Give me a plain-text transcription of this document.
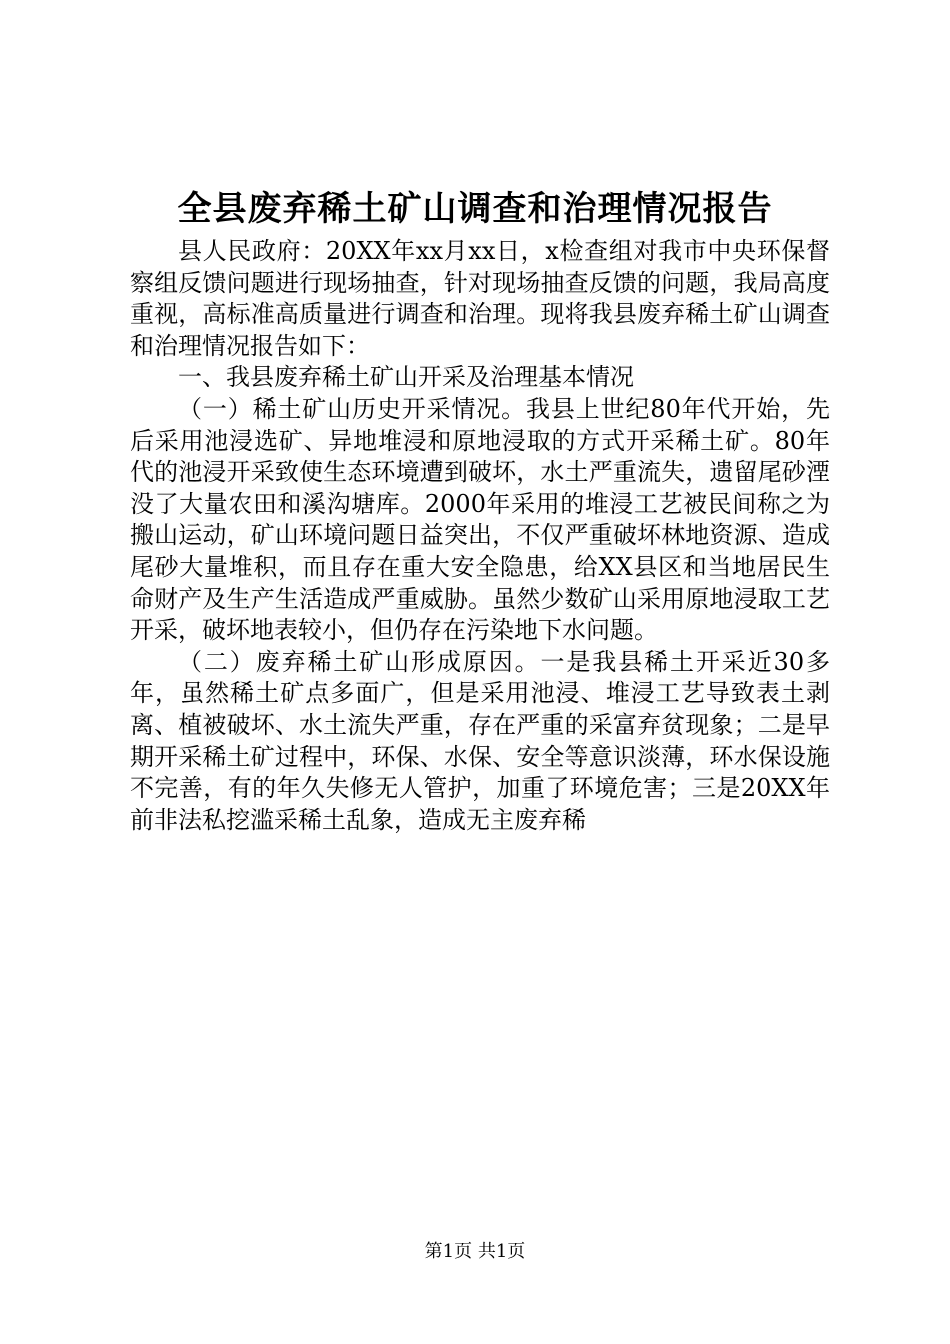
全县废弃稀土矿山调查和治理情况报告

县人民政府：20XX年xx月xx日，x检查组对我市中央环保督察组反馈问题进行现场抽查，针对现场抽查反馈的问题，我局高度重视，高标准高质量进行调查和治理。现将我县废弃稀土矿山调查和治理情况报告如下：

一、我县废弃稀土矿山开采及治理基本情况

（一）稀土矿山历史开采情况。我县上世纪80年代开始，先后采用池浸选矿、异地堆浸和原地浸取的方式开采稀土矿。80年代的池浸开采致使生态环境遭到破坏，水土严重流失，遗留尾砂湮没了大量农田和溪沟塘库。2000年采用的堆浸工艺被民间称之为搬山运动，矿山环境问题日益突出，不仅严重破坏林地资源、造成尾砂大量堆积，而且存在重大安全隐患，给XX县区和当地居民生命财产及生产生活造成严重威胁。虽然少数矿山采用原地浸取工艺开采，破坏地表较小，但仍存在污染地下水问题。

（二）废弃稀土矿山形成原因。一是我县稀土开采近30多年，虽然稀土矿点多面广，但是采用池浸、堆浸工艺导致表土剥离、植被破坏、水土流失严重，存在严重的采富弃贫现象；二是早期开采稀土矿过程中，环保、水保、安全等意识淡薄，环水保设施不完善，有的年久失修无人管护，加重了环境危害；三是20XX年前非法私挖滥采稀土乱象，造成无主废弃稀

第1页 共1页
